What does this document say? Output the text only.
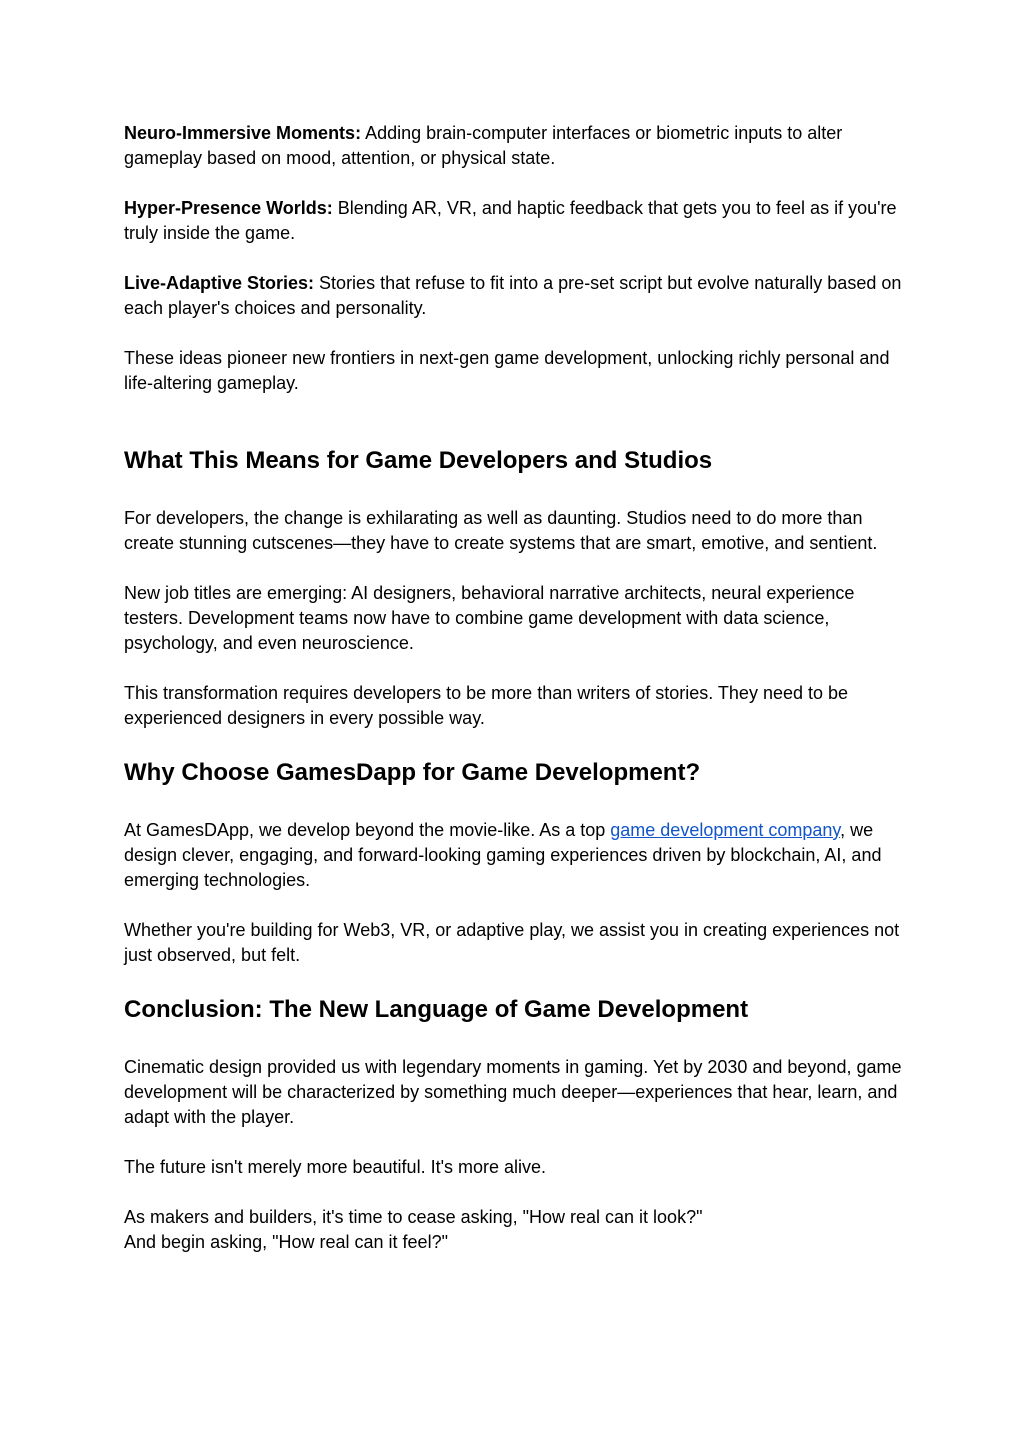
Neuro-Immersive Moments: Adding brain-computer interfaces or biometric inputs to alter gameplay based on mood, attention, or physical state.

Hyper-Presence Worlds: Blending AR, VR, and haptic feedback that gets you to feel as if you're truly inside the game.

Live-Adaptive Stories: Stories that refuse to fit into a pre-set script but evolve naturally based on each player's choices and personality.

These ideas pioneer new frontiers in next-gen game development, unlocking richly personal and life-altering gameplay.

What This Means for Game Developers and Studios

For developers, the change is exhilarating as well as daunting. Studios need to do more than create stunning cutscenes—they have to create systems that are smart, emotive, and sentient.

New job titles are emerging: AI designers, behavioral narrative architects, neural experience testers. Development teams now have to combine game development with data science, psychology, and even neuroscience.

This transformation requires developers to be more than writers of stories. They need to be experienced designers in every possible way.

Why Choose GamesDapp for Game Development?

At GamesDApp, we develop beyond the movie-like. As a top game development company, we design clever, engaging, and forward-looking gaming experiences driven by blockchain, AI, and emerging technologies.

Whether you're building for Web3, VR, or adaptive play, we assist you in creating experiences not just observed, but felt.

Conclusion: The New Language of Game Development

Cinematic design provided us with legendary moments in gaming. Yet by 2030 and beyond, game development will be characterized by something much deeper—experiences that hear, learn, and adapt with the player.

The future isn't merely more beautiful. It's more alive.

As makers and builders, it's time to cease asking, "How real can it look?"
And begin asking, "How real can it feel?"
